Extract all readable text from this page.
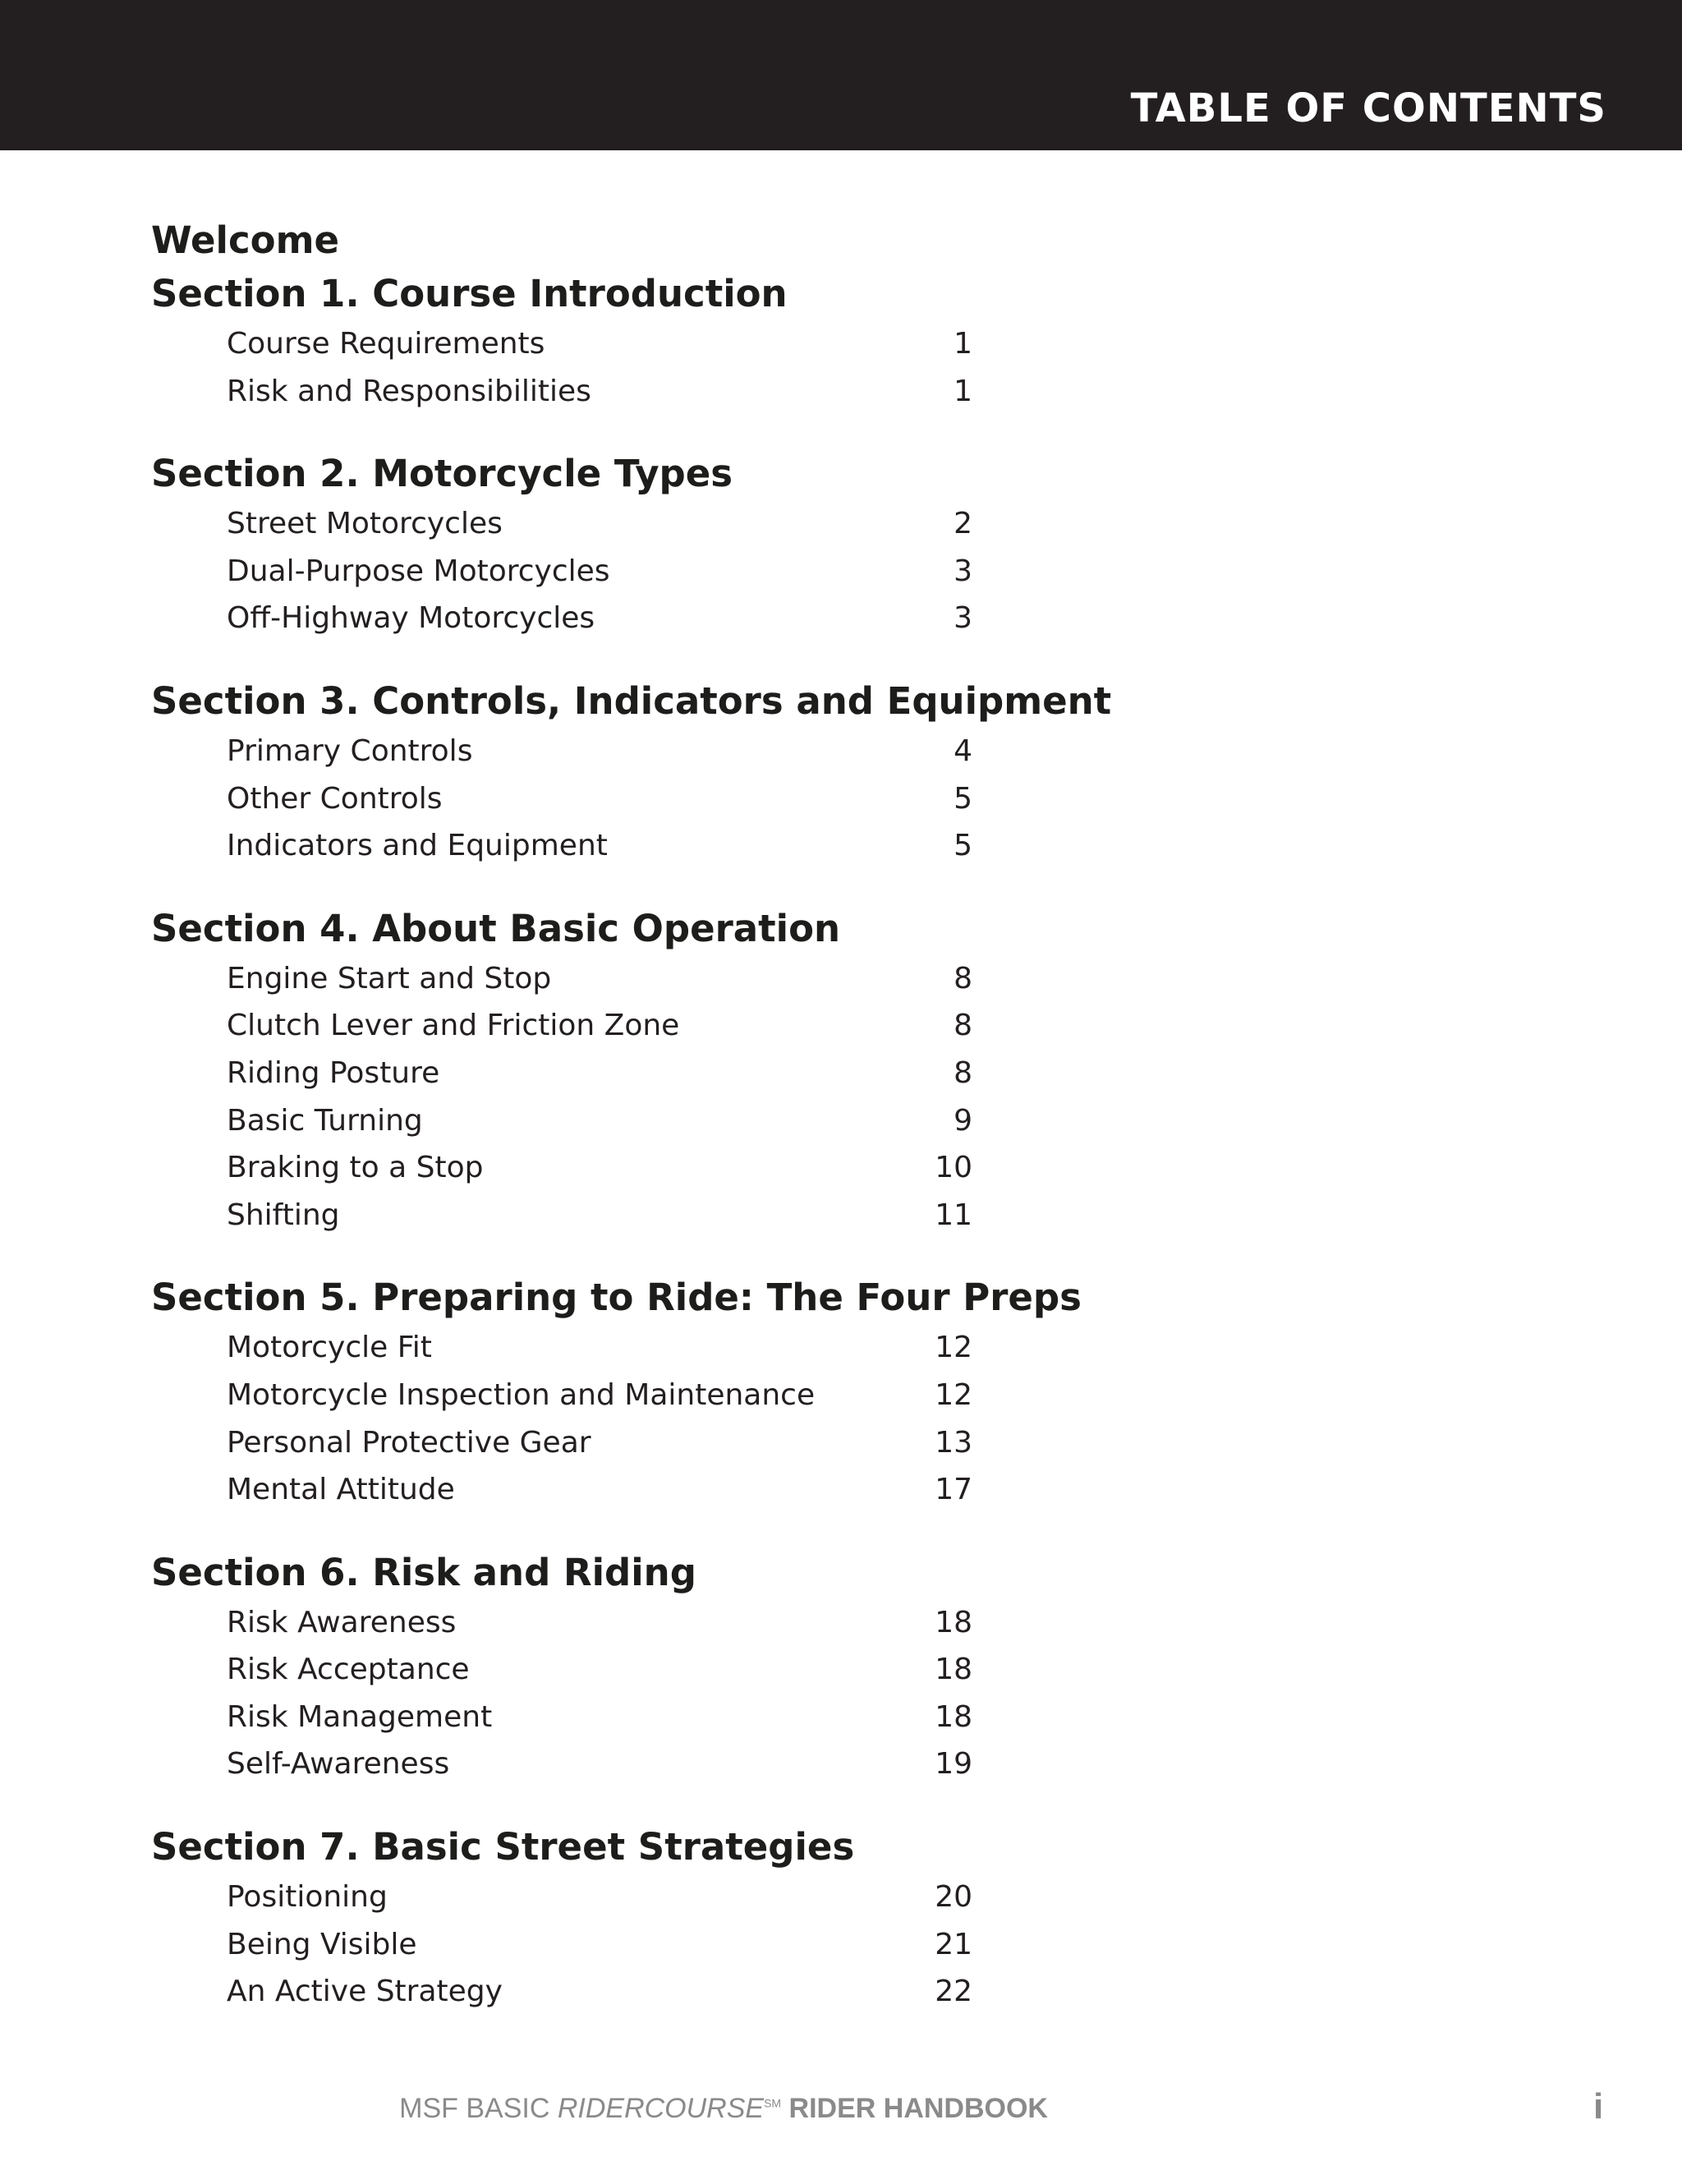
TABLE OF CONTENTS
Welcome
Section 1. Course Introduction
Course Requirements	1
Risk and Responsibilities	1
Section 2. Motorcycle Types
Street Motorcycles	2
Dual-Purpose Motorcycles	3
Off-Highway Motorcycles	3
Section 3. Controls, Indicators and Equipment
Primary Controls	4
Other Controls	5
Indicators and Equipment	5
Section 4. About Basic Operation
Engine Start and Stop	8
Clutch Lever and Friction Zone	8
Riding Posture	8
Basic Turning	9
Braking to a Stop	10
Shifting	11
Section 5. Preparing to Ride: The Four Preps
Motorcycle Fit	12
Motorcycle Inspection and Maintenance	12
Personal Protective Gear	13
Mental Attitude	17
Section 6. Risk and Riding
Risk Awareness	18
Risk Acceptance	18
Risk Management	18
Self-Awareness	19
Section 7. Basic Street Strategies
Positioning	20
Being Visible	21
An Active Strategy	22
MSF BASIC RIDERCOURSE℠ RIDER HANDBOOK	i
